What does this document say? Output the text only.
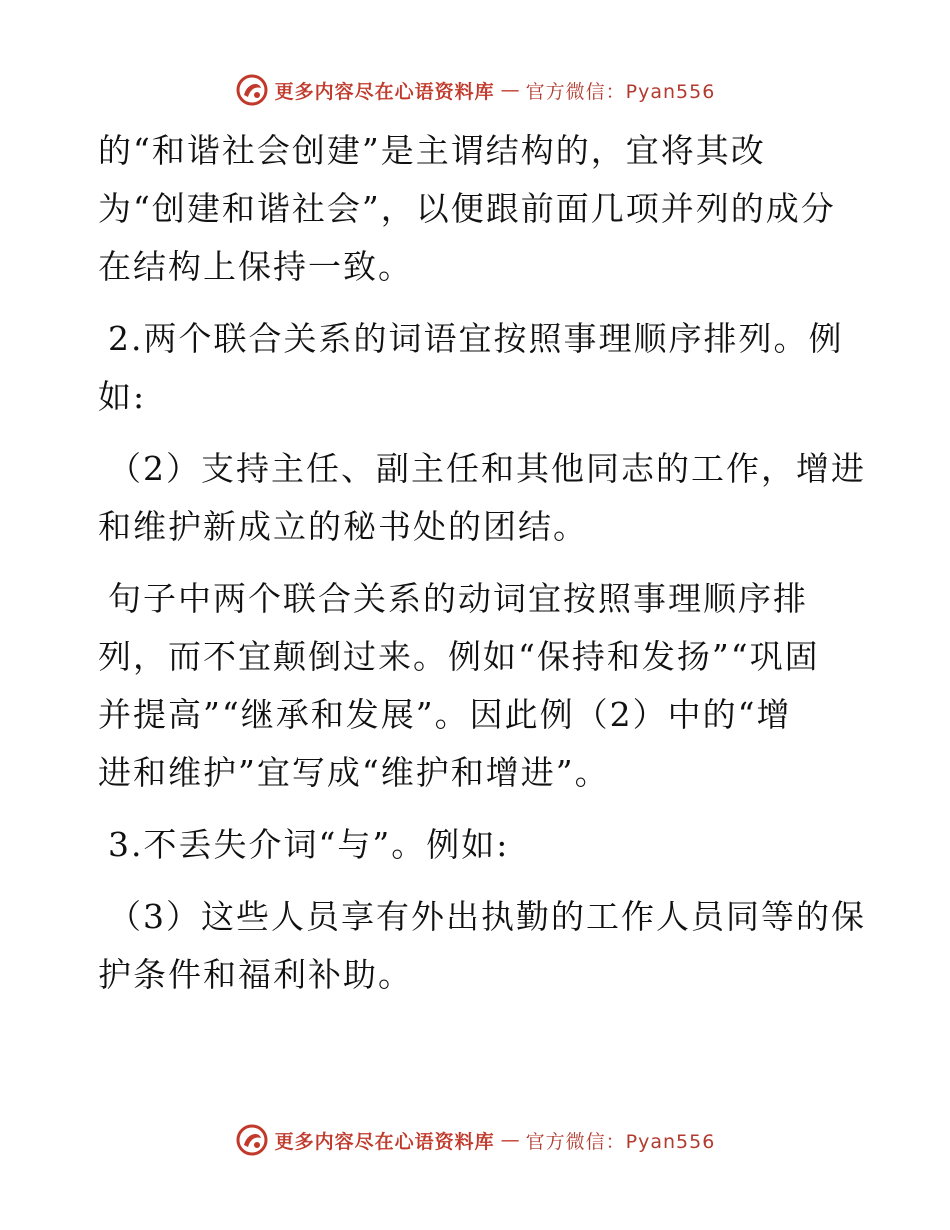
更多内容尽在心语资料库 — 官方微信：Pyan556
的“和谐社会创建”是主谓结构的，宜将其改
为“创建和谐社会”，以便跟前面几项并列的成分
在结构上保持一致。
2.两个联合关系的词语宜按照事理顺序排列。例
如:
（2）支持主任、副主任和其他同志的工作，增进
和维护新成立的秘书处的团结。
句子中两个联合关系的动词宜按照事理顺序排
列，而不宜颠倒过来。例如“保持和发扬”“巩固
并提高”“继承和发展”。因此例（2）中的“增
进和维护”宜写成“维护和增进”。
3.不丢失介词“与”。例如:
（3）这些人员享有外出执勤的工作人员同等的保
护条件和福利补助。
更多内容尽在心语资料库 — 官方微信：Pyan556
